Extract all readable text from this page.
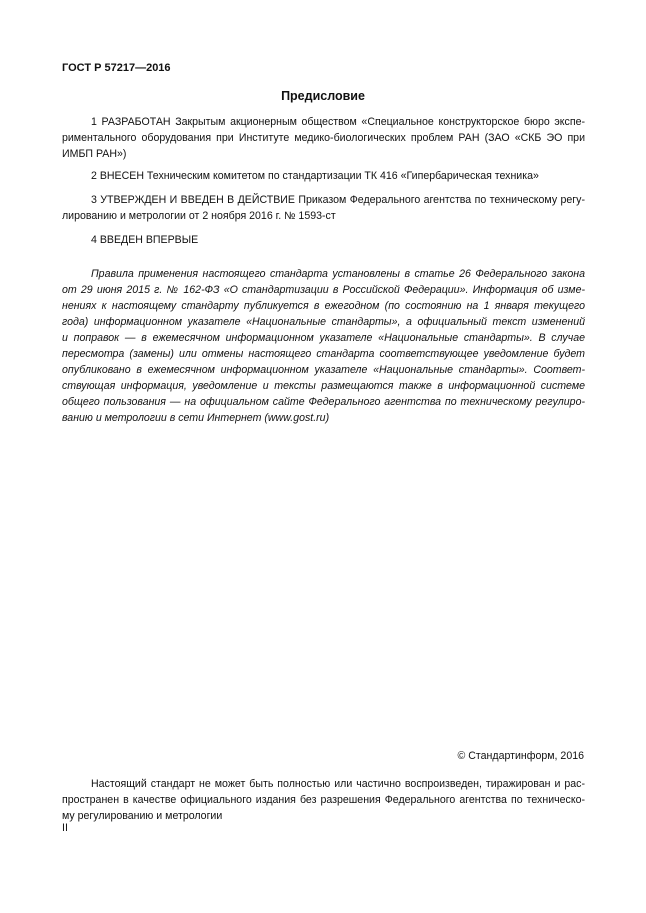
ГОСТ Р 57217—2016

Предисловие

1 РАЗРАБОТАН Закрытым акционерным обществом «Специальное конструкторское бюро экспе-

риментального оборудования при Институте медико-биологических проблем РАН (ЗАО «СКБ ЭО при

ИМБП РАН»)

2 ВНЕСЕН Техническим комитетом по стандартизации ТК 416 «Гипербарическая техника»

3 УТВЕРЖДЕН И ВВЕДЕН В ДЕЙСТВИЕ Приказом Федерального агентства по техническому регу-

лированию и метрологии от 2 ноября 2016 г. № 1593-ст

4 ВВЕДЕН ВПЕРВЫЕ

Правила применения настоящего стандарта установлены в статье 26 Федерального закона

от 29 июня 2015 г. № 162-ФЗ «О стандартизации в Российской Федерации». Информация об изме-

нениях к настоящему стандарту публикуется в ежегодном (по состоянию на 1 января текущего

года) информационном указателе «Национальные стандарты», а официальный текст изменений

и поправок — в ежемесячном информационном указателе «Национальные стандарты». В случае

пересмотра (замены) или отмены настоящего стандарта соответствующее уведомление будет

опубликовано в ежемесячном информационном указателе «Национальные стандарты». Соответ-

ствующая информация, уведомление и тексты размещаются также в информационной системе

общего пользования — на официальном сайте Федерального агентства по техническому регулиро-

ванию и метрологии в сети Интернет (www.gost.ru)

© Стандартинформ, 2016

Настоящий стандарт не может быть полностью или частично воспроизведен, тиражирован и рас-

пространен в качестве официального издания без разрешения Федерального агентства по техническо-

му регулированию и метрологии

II
